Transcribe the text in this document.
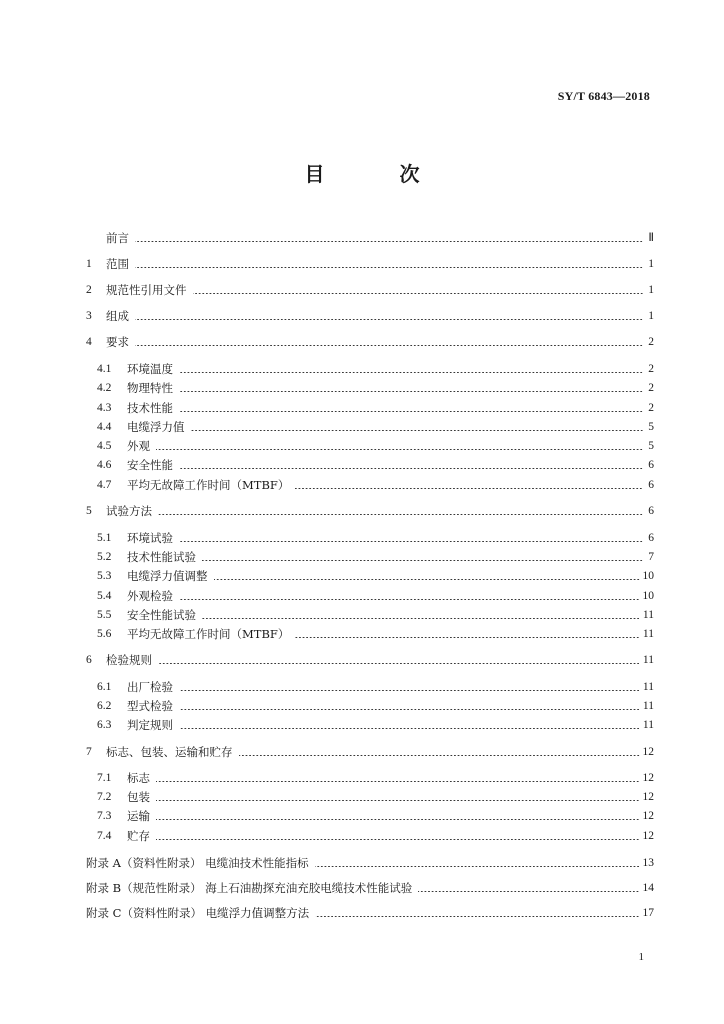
SY/T 6843—2018
目 次
前言	Ⅱ
1	范围	1
2	规范性引用文件	1
3	组成	1
4	要求	2
4.1	环境温度	2
4.2	物理特性	2
4.3	技术性能	2
4.4	电缆浮力值	5
4.5	外观	5
4.6	安全性能	6
4.7	平均无故障工作时间（MTBF）	6
5	试验方法	6
5.1	环境试验	6
5.2	技术性能试验	7
5.3	电缆浮力值调整	10
5.4	外观检验	10
5.5	安全性能试验	11
5.6	平均无故障工作时间（MTBF）	11
6	检验规则	11
6.1	出厂检验	11
6.2	型式检验	11
6.3	判定规则	11
7	标志、包装、运输和贮存	12
7.1	标志	12
7.2	包装	12
7.3	运输	12
7.4	贮存	12
附录 A（资料性附录） 电缆油技术性能指标	13
附录 B（规范性附录） 海上石油勘探充油充胶电缆技术性能试验	14
附录 C（资料性附录） 电缆浮力值调整方法	17
1
